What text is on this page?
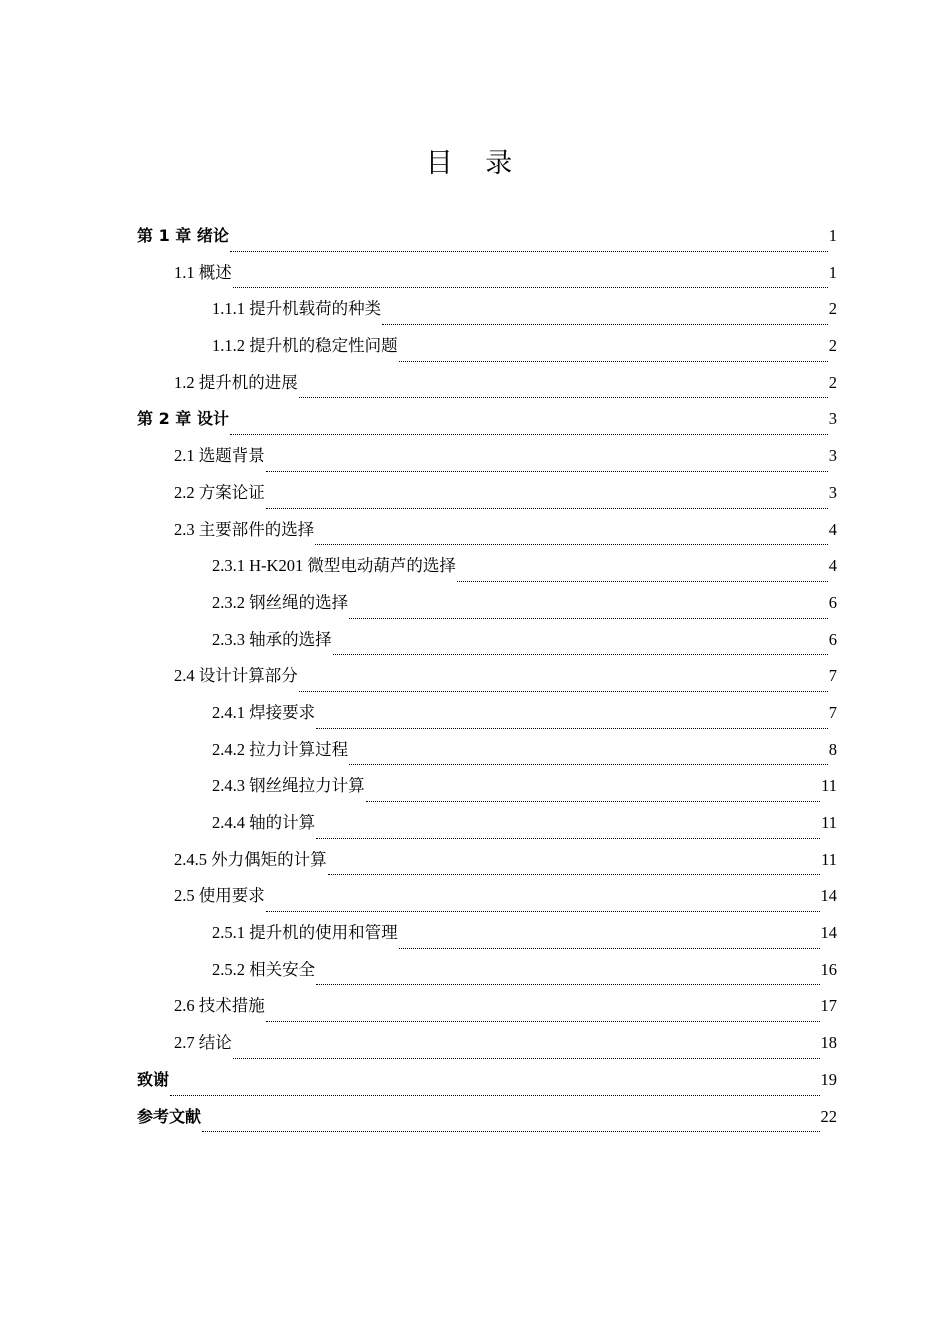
目 录
第 1 章 绪论	1
1.1 概述	1
1.1.1 提升机载荷的种类	2
1.1.2 提升机的稳定性问题	2
1.2 提升机的进展	2
第 2 章 设计	3
2.1 选题背景	3
2.2 方案论证	3
2.3 主要部件的选择	4
2.3.1 H-K201 微型电动葫芦的选择	4
2.3.2 钢丝绳的选择	6
2.3.3 轴承的选择	6
2.4 设计计算部分	7
2.4.1 焊接要求	7
2.4.2 拉力计算过程	8
2.4.3 钢丝绳拉力计算	11
2.4.4 轴的计算	11
2.4.5 外力偶矩的计算	11
2.5 使用要求	14
2.5.1 提升机的使用和管理	14
2.5.2 相关安全	16
2.6 技术措施	17
2.7 结论	18
致谢	19
参考文献	22
